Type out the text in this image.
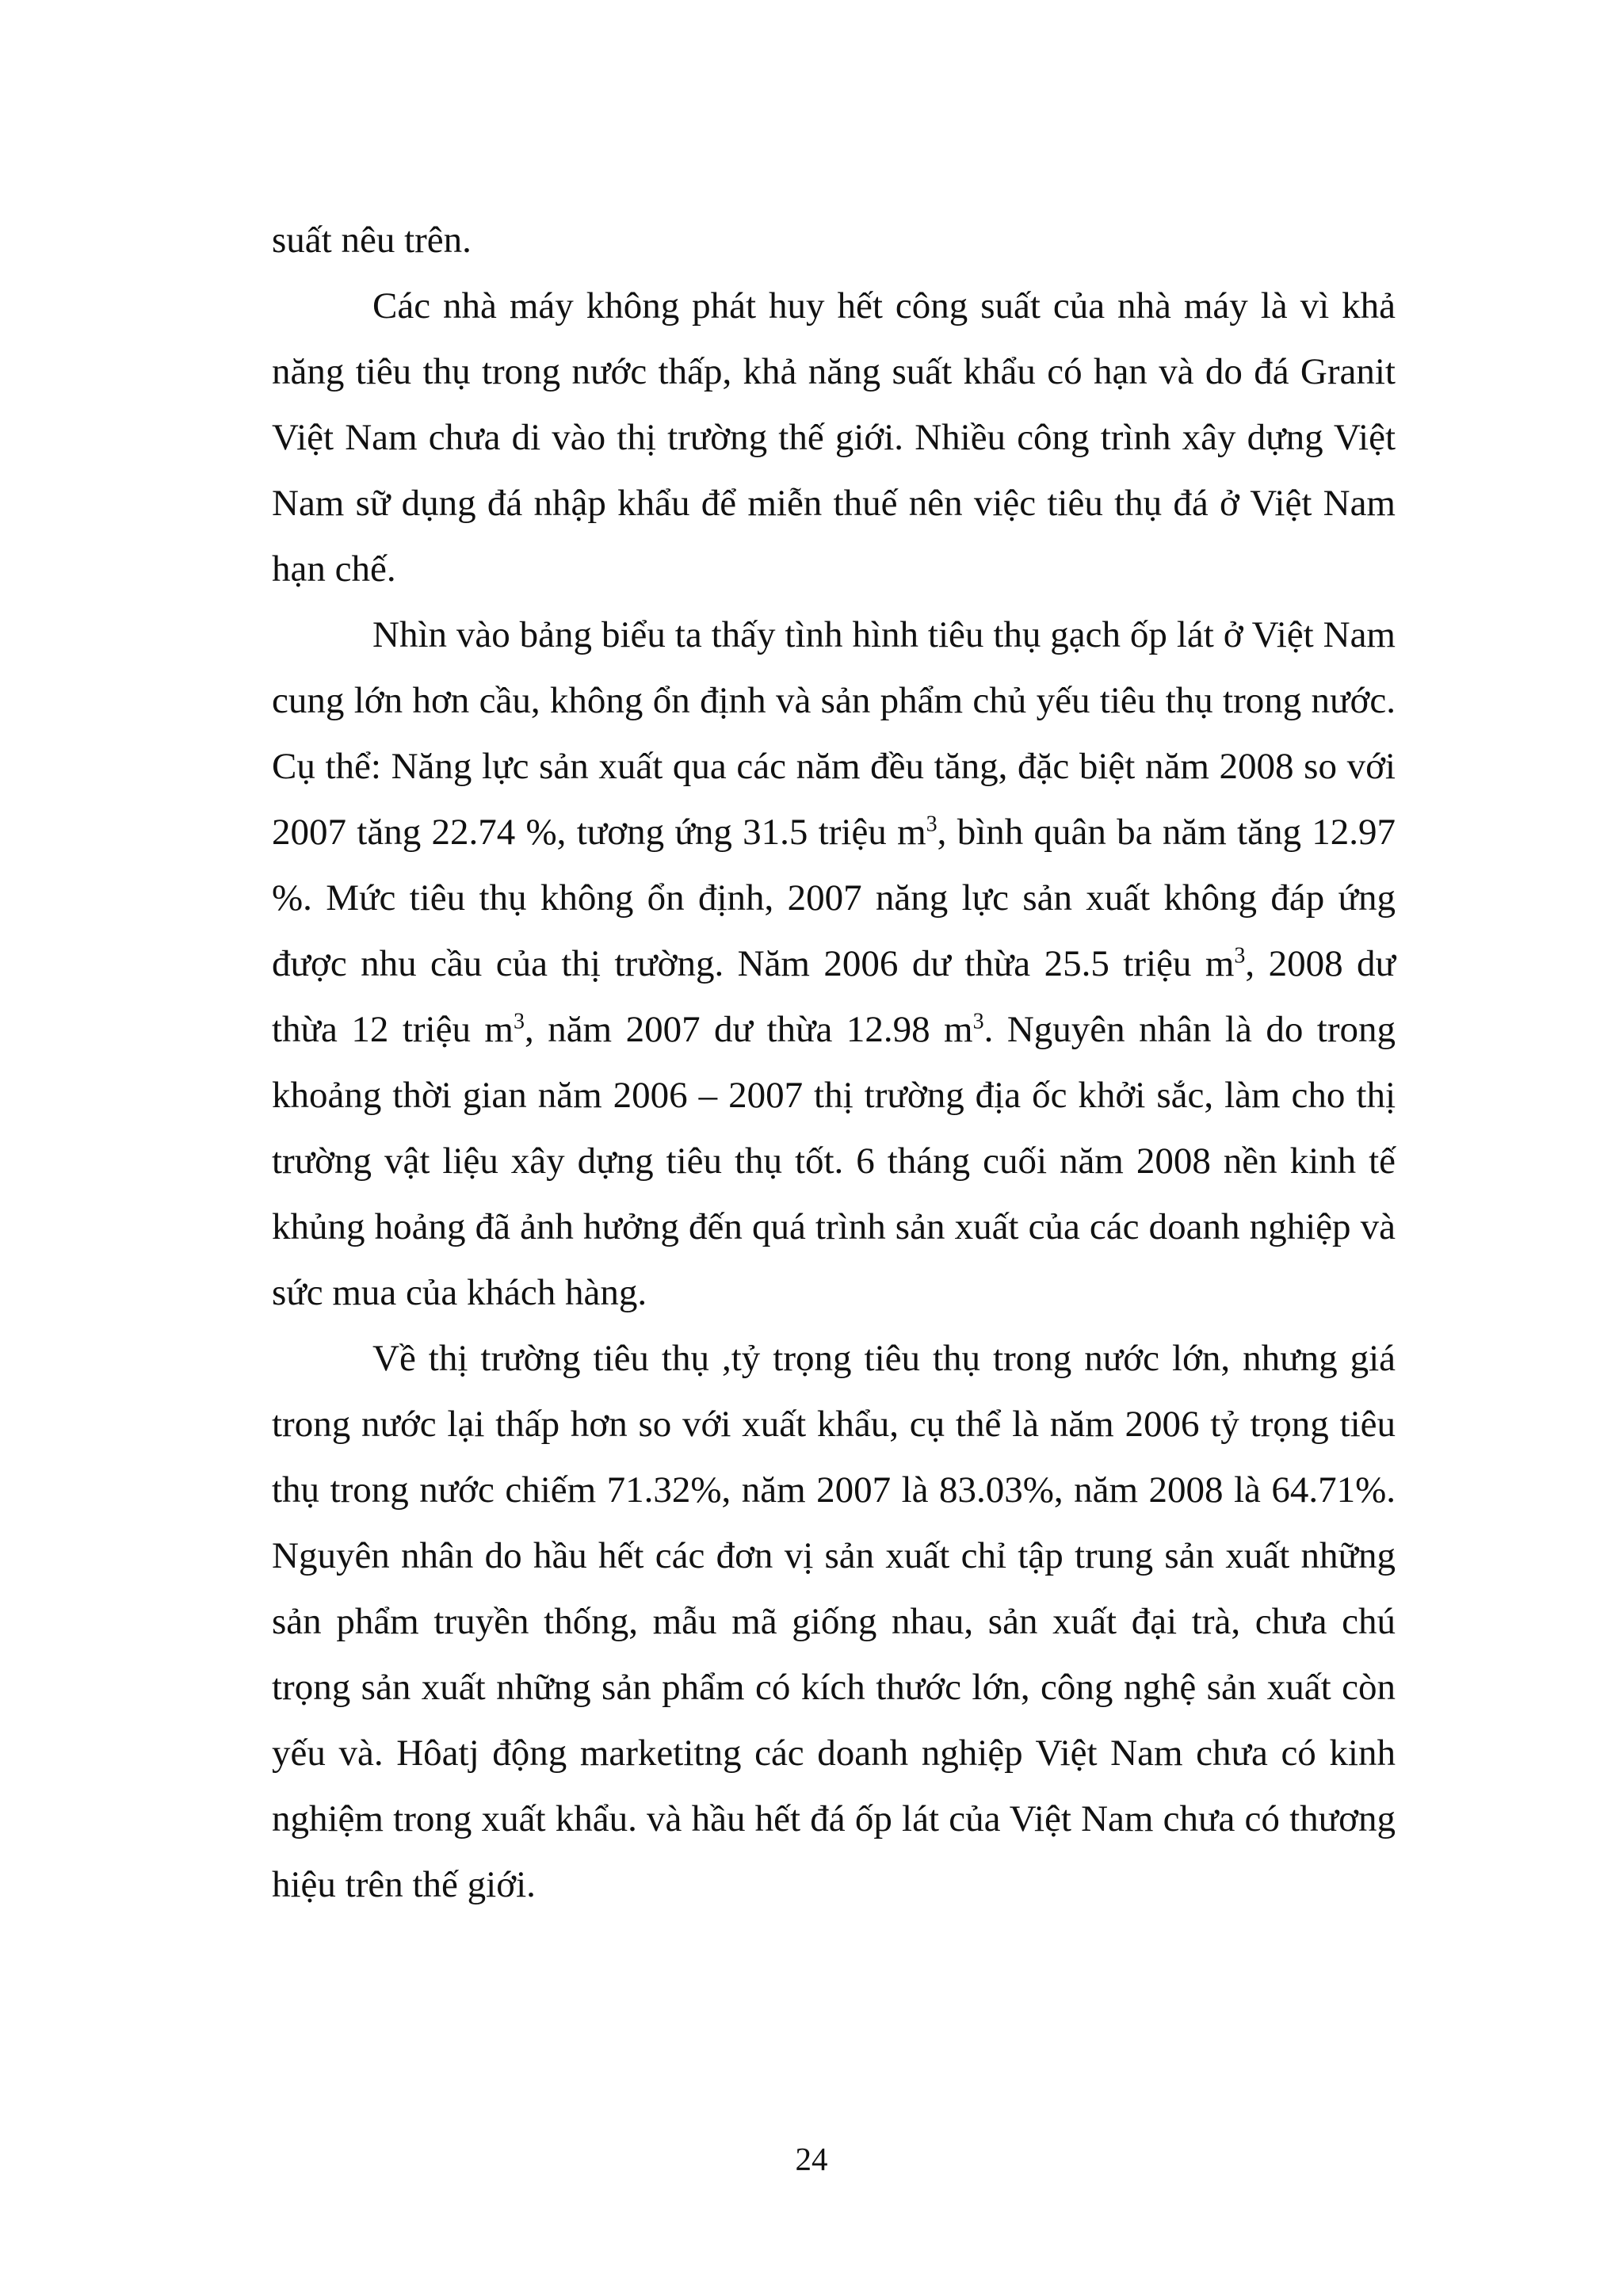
suất nêu trên.

Các nhà máy không phát huy hết công suất của nhà máy là vì khả năng tiêu thụ trong nước thấp, khả năng suất khẩu có hạn và do đá Granit Việt Nam chưa di vào thị trường thế giới. Nhiều công trình xây dựng Việt Nam sữ dụng đá nhập khẩu để miễn thuế nên việc tiêu thụ đá ở Việt Nam hạn chế.

Nhìn vào bảng biểu ta thấy tình hình tiêu thụ gạch ốp lát ở Việt Nam cung lớn hơn cầu, không ổn định và sản phẩm chủ yếu tiêu thụ trong nước. Cụ thể: Năng lực sản xuất qua các năm đều tăng, đặc biệt năm 2008 so với 2007 tăng 22.74 %, tương ứng 31.5 triệu $m^3$, bình quân ba năm tăng 12.97 %. Mức tiêu thụ không ổn định, 2007 năng lực sản xuất không đáp ứng được nhu cầu của thị trường. Năm 2006 dư thừa 25.5 triệu $m^3$, 2008 dư thừa 12 triệu $m^3$, năm 2007 dư thừa 12.98 $m^3$. Nguyên nhân là do trong khoảng thời gian năm 2006 – 2007 thị trường địa ốc khởi sắc, làm cho thị trường vật liệu xây dựng tiêu thụ tốt. 6 tháng cuối năm 2008 nền kinh tế khủng hoảng đã ảnh hưởng đến quá trình sản xuất của các doanh nghiệp và sức mua của khách hàng.

Về thị trường tiêu thụ ,tỷ trọng tiêu thụ trong nước lớn, nhưng giá trong nước lại thấp hơn so với xuất khẩu, cụ thể là năm 2006 tỷ trọng tiêu thụ trong nước chiếm 71.32%, năm 2007 là 83.03%, năm 2008 là 64.71%. Nguyên nhân do hầu hết các đơn vị sản xuất chỉ tập trung sản xuất những sản phẩm truyền thống, mẫu mã giống nhau, sản xuất đại trà, chưa chú trọng sản xuất những sản phẩm có kích thước lớn, công nghệ sản xuất còn yếu và. Hôatj động marketitng các doanh nghiệp Việt Nam chưa có kinh nghiệm trong xuất khẩu. và hầu hết đá ốp lát của Việt Nam chưa có thương hiệu trên thế giới.

24
